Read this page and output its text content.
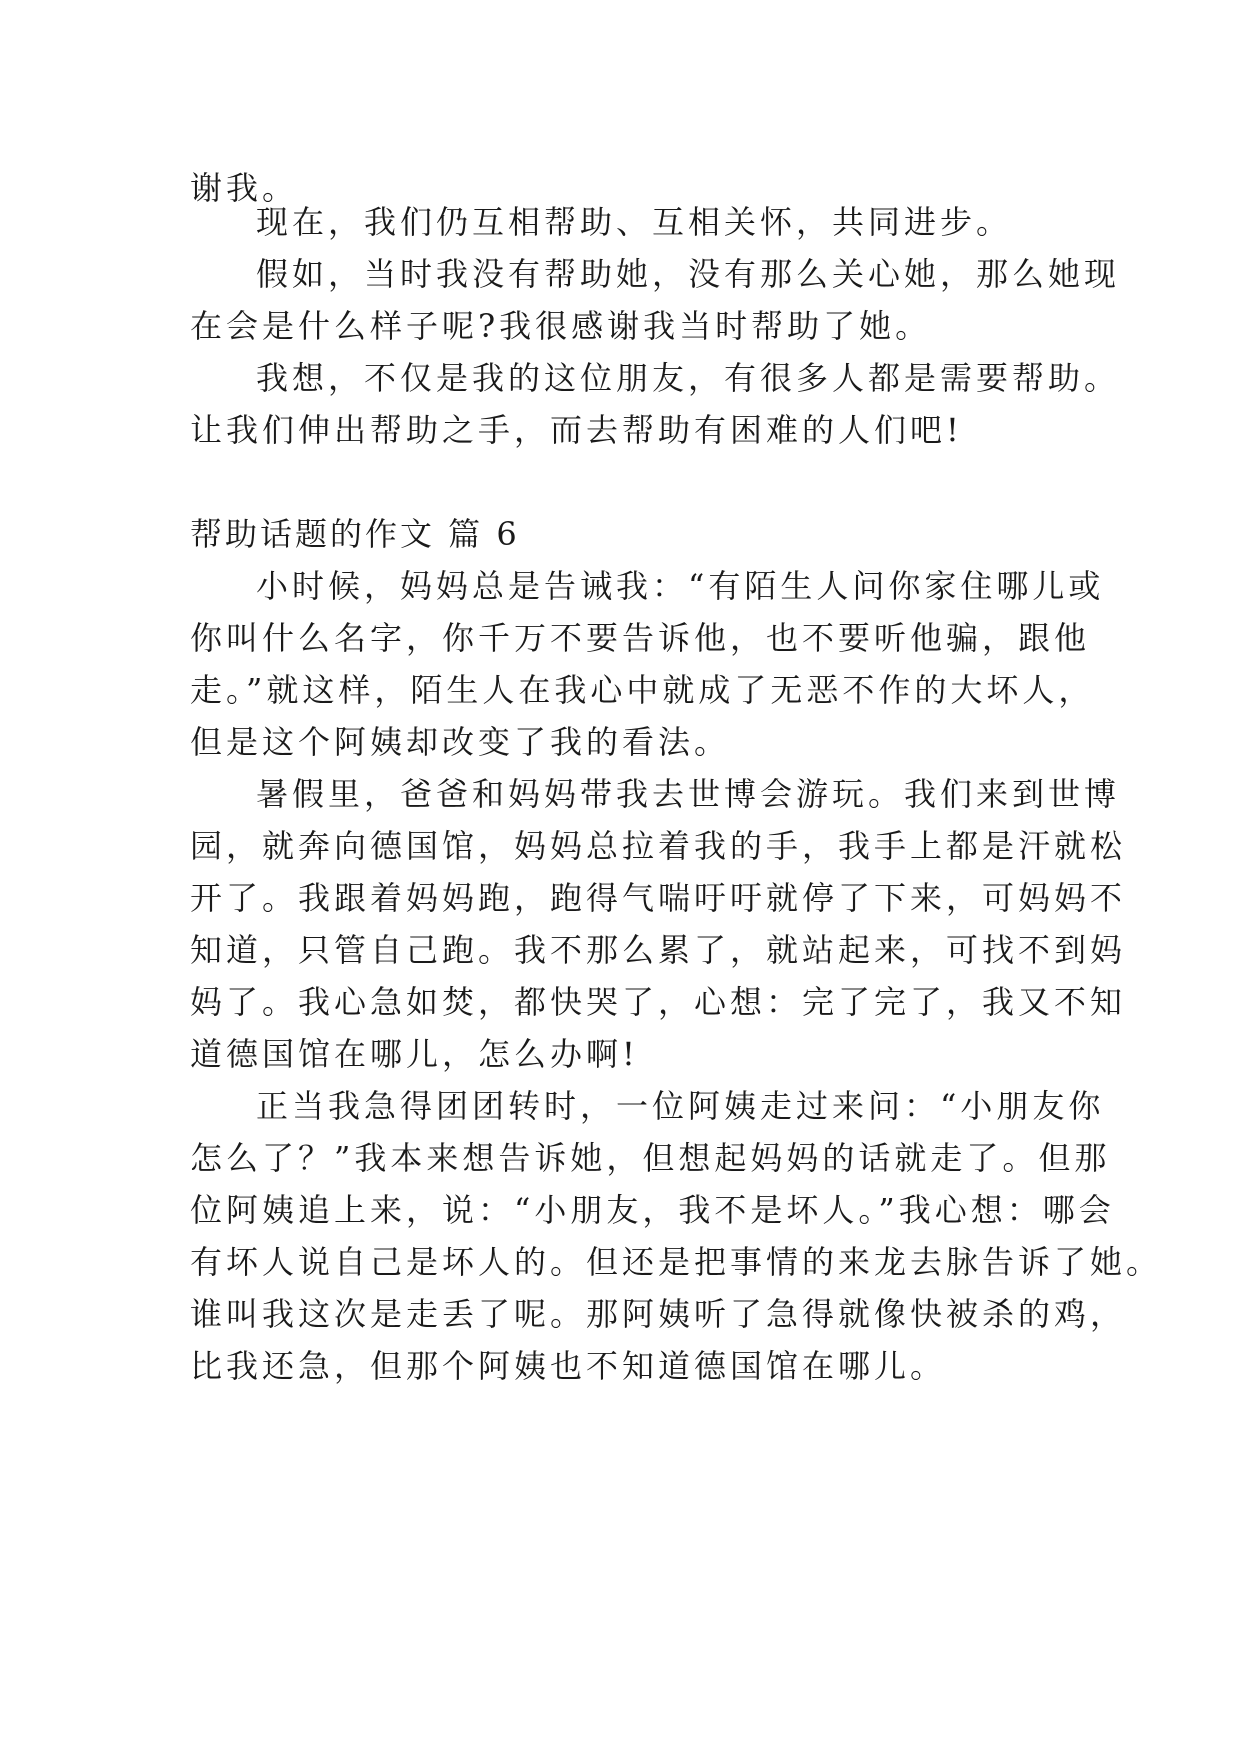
谢我。
现在，我们仍互相帮助、互相关怀，共同进步。
假如，当时我没有帮助她，没有那么关心她，那么她现
在会是什么样子呢?我很感谢我当时帮助了她。
我想，不仅是我的这位朋友，有很多人都是需要帮助。
让我们伸出帮助之手，而去帮助有困难的人们吧!
帮助话题的作文 篇 6
小时候，妈妈总是告诫我：“有陌生人问你家住哪儿或
你叫什么名字，你千万不要告诉他，也不要听他骗，跟他
走。”就这样，陌生人在我心中就成了无恶不作的大坏人，
但是这个阿姨却改变了我的看法。
暑假里，爸爸和妈妈带我去世博会游玩。我们来到世博
园，就奔向德国馆，妈妈总拉着我的手，我手上都是汗就松
开了。我跟着妈妈跑，跑得气喘吁吁就停了下来，可妈妈不
知道，只管自己跑。我不那么累了，就站起来，可找不到妈
妈了。我心急如焚，都快哭了，心想：完了完了，我又不知
道德国馆在哪儿，怎么办啊!
正当我急得团团转时，一位阿姨走过来问：“小朋友你
怎么了？”我本来想告诉她，但想起妈妈的话就走了。但那
位阿姨追上来，说：“小朋友，我不是坏人。”我心想：哪会
有坏人说自己是坏人的。但还是把事情的来龙去脉告诉了她。
谁叫我这次是走丢了呢。那阿姨听了急得就像快被杀的鸡，
比我还急，但那个阿姨也不知道德国馆在哪儿。
